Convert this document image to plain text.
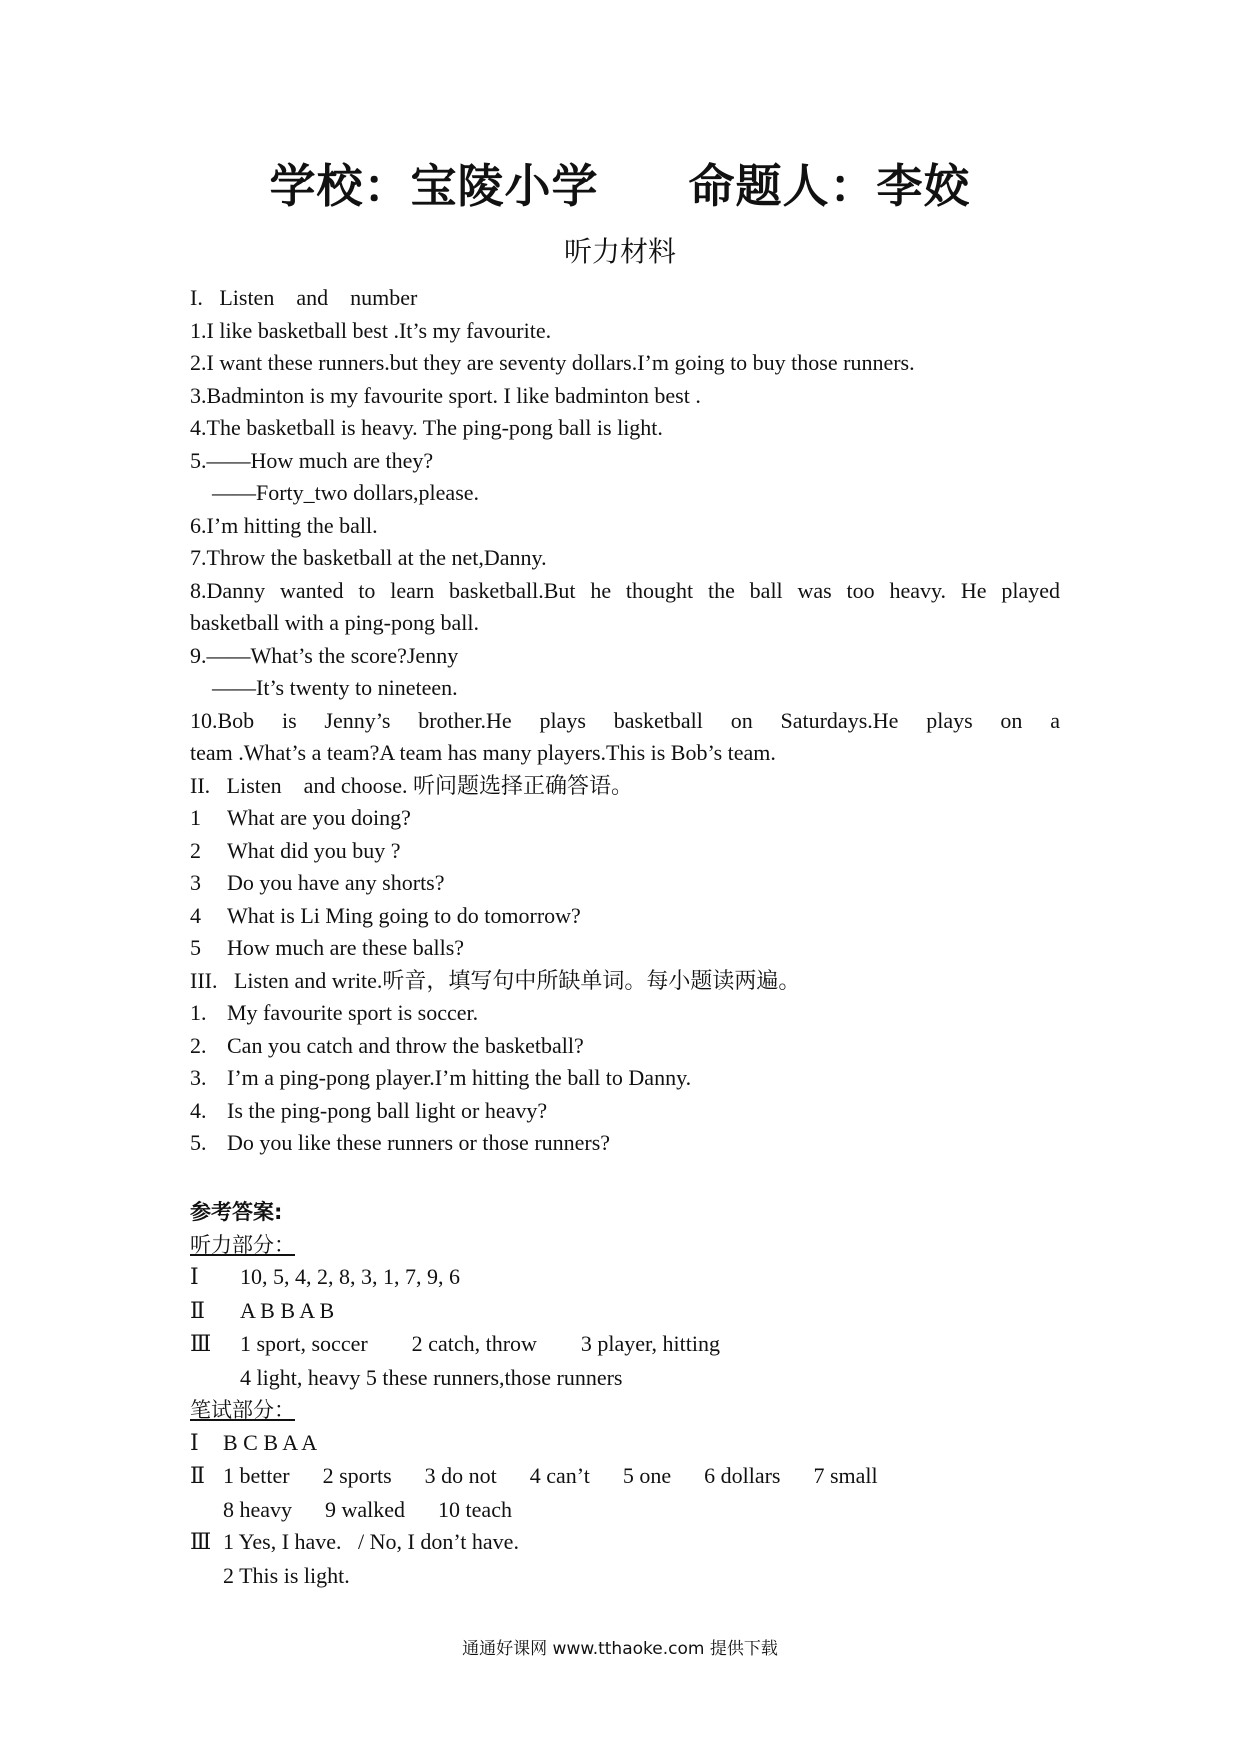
学校：宝陵小学 命题人：李姣
听力材料
I.   Listen    and    number
1.I like basketball best .It’s my favourite.
2.I want these runners.but they are seventy dollars.I’m going to buy those runners.
3.Badminton is my favourite sport. I like badminton best .
4.The basketball is heavy. The ping-pong ball is light.
5.——How much are they?
——Forty_two dollars,please.
6.I’m hitting the ball.
7.Throw the basketball at the net,Danny.
8.Danny wanted to learn basketball.But he thought the ball was too heavy. He played
basketball with a ping-pong ball.
9.——What’s the score?Jenny
——It’s twenty to nineteen.
10.Bob is Jenny’s brother.He plays basketball on Saturdays.He plays on a
team .What’s a team?A team has many players.This is Bob’s team.
II.   Listen    and choose. 听问题选择正确答语。
1 What are you doing?
2 What did you buy ?
3 Do you have any shorts?
4 What is Li Ming going to do tomorrow?
5 How much are these balls?
III.   Listen and write.听音，填写句中所缺单词。每小题读两遍。
1. My favourite sport is soccer.
2. Can you catch and throw the basketball?
3. I’m a ping-pong player.I’m hitting the ball to Danny.
4. Is the ping-pong ball light or heavy?
5. Do you like these runners or those runners?
参考答案:
听力部分：
Ⅰ 10, 5, 4, 2, 8, 3, 1, 7, 9, 6
Ⅱ A B B A B
Ⅲ 1 sport, soccer        2 catch, throw        3 player, hitting
4 light, heavy 5 these runners,those runners
笔试部分：
Ⅰ B C B A A
Ⅱ 1 better      2 sports      3 do not      4 can’t      5 one      6 dollars      7 small
8 heavy      9 walked      10 teach
Ⅲ 1 Yes, I have.   / No, I don’t have.
2 This is light.
通通好课网 www.tthaoke.com 提供下载
